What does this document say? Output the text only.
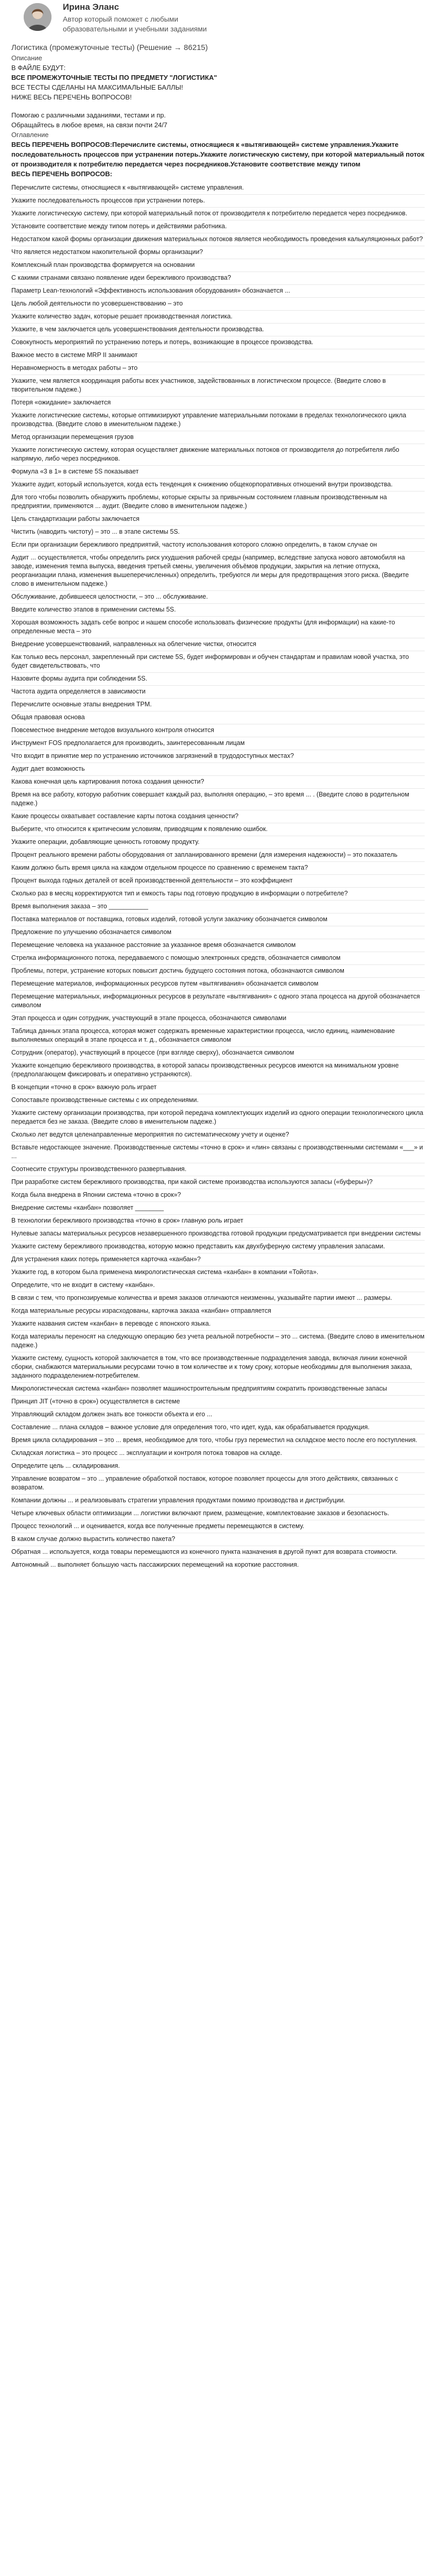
Ирина Эланс
Автор который поможет с любыми образовательными и учебными заданиями
Логистика (промежуточные тесты) (Решение → 86215)
Описание
В ФАЙЛЕ БУДУТ:
ВСЕ ПРОМЕЖУТОЧНЫЕ ТЕСТЫ ПО ПРЕДМЕТУ "ЛОГИСТИКА"
ВСЕ ТЕСТЫ СДЕЛАНЫ НА МАКСИМАЛЬНЫЕ БАЛЛЫ!
НИЖЕ ВЕСЬ ПЕРЕЧЕНЬ ВОПРОСОВ!
Помогаю с различными заданиями, тестами и пр.
Обращайтесь в любое время, на связи почти 24/7
Оглавление
ВЕСЬ ПЕРЕЧЕНЬ ВОПРОСОВ:Перечислите системы, относящиеся к «вытягивающей» системе управления.Укажите последовательность процессов при устранении потерь.Укажите логистическую систему, при которой материальный поток от производителя к потребителю передается через посредников.Установите соответствие между типом
ВЕСЬ ПЕРЕЧЕНЬ ВОПРОСОВ:
Перечислите системы, относящиеся к «вытягивающей» системе управления.
Укажите последовательность процессов при устранении потерь.
Укажите логистическую систему, при которой материальный поток от производителя к потребителю передается через посредников.
Установите соответствие между типом потерь и действиями работника.
Недостатком какой формы организации движения материальных потоков является необходимость проведения калькуляционных работ?
Что является недостатком накопительной формы организации?
Комплексный план производства формируется на основании
С какими странами связано появление идеи бережливого производства?
Параметр Lean-технологий «Эффективность использования оборудования» обозначается ...
Цель любой деятельности по усовершенствованию – это
Укажите количество задач, которые решает производственная логистика.
Укажите, в чем заключается цель усовершенствования деятельности производства.
Совокупность мероприятий по устранению потерь и потерь, возникающие в процессе производства.
Важное место в системе MRP II занимают
Неравномерность в методах работы – это
Укажите, чем является координация работы всех участников, задействованных в логистическом процессе. (Введите слово в творительном падеже.)
Потеря «ожидание» заключается
Укажите логистические системы, которые оптимизируют управление материальными потоками в пределах технологического цикла производства. (Введите слово в именительном падеже.)
Метод организации перемещения грузов
Укажите логистическую систему, которая осуществляет движение материальных потоков от производителя до потребителя либо напрямую, либо через посредников.
Формула «3 в 1» в системе 5S показывает
Укажите аудит, который используется, когда есть тенденция к снижению общекорпоративных отношений внутри производства.
Для того чтобы позволить обнаружить проблемы, которые скрыты за привычным состоянием главным производственным на предприятии, применяются ... аудит. (Введите слово в именительном падеже.)
Цель стандартизации работы заключается
Чистить (наводить чистоту) – это ... в этапе системы 5S.
Если при организации бережливого предприятий, частоту использования которого сложно определить, в таком случае он
Аудит ... осуществляется, чтобы определить риск ухудшения рабочей среды (например, вследствие запуска нового автомобиля на заводе, изменения темпа выпуска, введения третьей смены, увеличения объёмов продукции, закрытия на летние отпуска, реорганизации плана, изменения вышеперечисленных) определить, требуются ли меры для предотвращения этого риска. (Введите слово в именительном падеже.)
Обслуживание, добившееся целостности, – это ... обслуживание.
Введите количество этапов в применении системы 5S.
Хорошая возможность задать себе вопрос и нашем способе использовать физические продукты (для информации) на какие-то определенные места – это
Внедрение усовершенствований, направленных на облегчение чистки, относится
Как только весь персонал, закрепленный при системе 5S, будет информирован и обучен стандартам и правилам новой участка, это будет свидетельствовать, что
Назовите формы аудита при соблюдении 5S.
Частота аудита определяется в зависимости
Перечислите основные этапы внедрения TPM.
Общая правовая основа
Повсеместное внедрение методов визуального контроля относится
Инструмент FOS предполагается для производить, заинтересованным лицам
Что входит в принятие мер по устранению источников загрязнений в трудодоступных местах?
Аудит дает возможность
Какова конечная цель картирования потока создания ценности?
Время на все работу, которую работник совершает каждый раз, выполняя операцию, – это время ... . (Введите слово в родительном падеже.)
Какие процессы охватывает составление карты потока создания ценности?
Выберите, что относится к критическим условиям, приводящим к появлению ошибок.
Укажите операции, добавляющие ценность готовому продукту.
Процент реального времени работы оборудования от запланированного времени (для измерения надежности) – это показатель
Каким должно быть время цикла на каждом отдельном процессе по сравнению с временем такта?
Процент выхода годных деталей от всей производственной деятельности – это коэффициент
Сколько раз в месяц корректируются тип и емкость тары под готовую продукцию в информации о потребителе?
Время выполнения заказа – это ___________
Поставка материалов от поставщика, готовых изделий, готовой услуги заказчику обозначается символом
Предложение по улучшению обозначается символом
Перемещение человека на указанное расстояние за указанное время обозначается символом
Стрелка информационного потока, передаваемого с помощью электронных средств, обозначается символом
Проблемы, потери, устранение которых повысит достичь будущего состояния потока, обозначаются символом
Перемещение материалов, информационных ресурсов путем «вытягивания» обозначается символом
Перемещение материальных, информационных ресурсов в результате «вытягивания» с одного этапа процесса на другой обозначается символом
Этап процесса и один сотрудник, участвующий в этапе процесса, обозначаются символами
Таблица данных этапа процесса, которая может содержать временные характеристики процесса, число единиц, наименование выполняемых операций в этапе процесса и т. д., обозначается символом
Сотрудник (оператор), участвующий в процессе (при взгляде сверху), обозначается символом
Укажите концепцию бережливого производства, в которой запасы производственных ресурсов имеются на минимальном уровне (предполагающем фиксировать и оперативно устраняются).
В концепции «точно в срок» важную роль играет
Сопоставьте производственные системы с их определениями.
Укажите систему организации производства, при которой передача комплектующих изделий из одного операции технологического цикла передается без не заказа. (Введите слово в именительном падеже.)
Сколько лет ведутся целенаправленные мероприятия по систематическому учету и оценке?
Вставьте недостающее значение. Производственные системы «точно в срок» и «лин» связаны с производственными системами «___» и ...
Соотнесите структуры производственного развертывания.
При разработке систем бережливого производства, при какой системе производства используются запасы («буферы»)?
Когда была внедрена в Японии система «точно в срок»?
Внедрение системы «канбан» позволяет ________
В технологии бережливого производства «точно в срок» главную роль играет
Нулевые запасы материальных ресурсов незавершенного производства готовой продукции предусматривается при внедрении системы
Укажите систему бережливого производства, которую можно представить как двухбуферную систему управления запасами.
Для устранения каких потерь применяется карточка «канбан»?
Укажите год, в котором была применена микрологистическая система «канбан» в компании «Тойота».
Определите, что не входит в систему «канбан».
В связи с тем, что прогнозируемые количества и время заказов отличаются неизменны, указывайте партии имеют ... размеры.
Когда материальные ресурсы израсходованы, карточка заказа «канбан» отправляется
Укажите названия систем «канбан» в переводе с японского языка.
Когда материалы переносят на следующую операцию без учета реальной потребности – это ... система. (Введите слово в именительном падеже.)
Укажите систему, сущность которой заключается в том, что все производственные подразделения завода, включая линии конечной сборки, снабжаются материальными ресурсами точно в том количестве и к тому сроку, которые необходимы для выполнения заказа, заданного подразделением-потребителем.
Микрологистическая система «канбан» позволяет машиностроительным предприятиям сократить производственные запасы
Принцип JIT («точно в срок») осуществляется в системе
Управляющий складом должен знать все тонкости объекта и его ...
Составление ... плана складов – важное условие для определения того, что идет, куда, как обрабатывается продукция.
Время цикла складирования – это ... время, необходимое для того, чтобы груз переместил на складское место после его поступления.
Складская логистика – это процесс ... эксплуатации и контроля потока товаров на складе.
Определите цель ... складирования.
Управление возвратом – это ... управление обработкой поставок, которое позволяет процессы для этого действиях, связанных с возвратом.
Компании должны ... и реализовывать стратегии управления продуктами помимо производства и дистрибуции.
Четыре ключевых области оптимизации ... логистики включают прием, размещение, комплектование заказов и безопасность.
Процесс технологий ... и оценивается, когда все полученные предметы перемещаются в систему.
В каком случае должно вырастить количество пакета?
Обратная ... используется, когда товары перемещаются из конечного пункта назначения в другой пункт для возврата стоимости.
Автономный ... выполняет большую часть пассажирских перемещений на короткие расстояния.
